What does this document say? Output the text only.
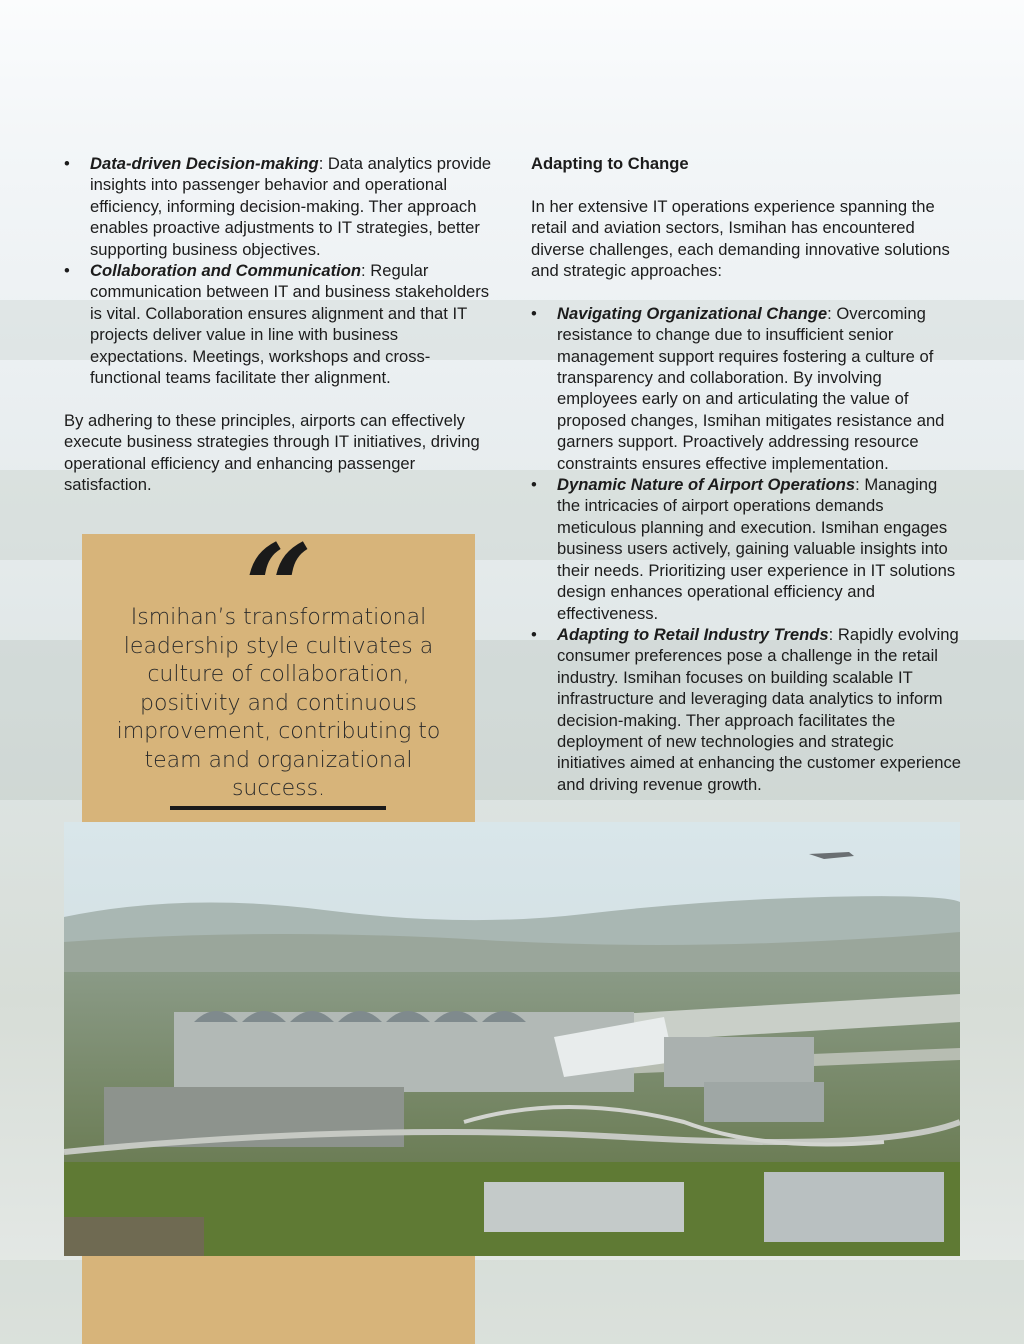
• Data-driven Decision-making: Data analytics provide insights into passenger behavior and operational efficiency, informing decision-making. Ther approach enables proactive adjustments to IT strategies, better supporting business objectives.
• Collaboration and Communication: Regular communication between IT and business stakeholders is vital. Collaboration ensures alignment and that IT projects deliver value in line with business expectations. Meetings, workshops and cross-functional teams facilitate ther alignment.

By adhering to these principles, airports can effectively execute business strategies through IT initiatives, driving operational efficiency and enhancing passenger satisfaction.

“
Ismihan’s transformational leadership style cultivates a culture of collaboration, positivity and continuous improvement, contributing to team and organizational success.

Adapting to Change

In her extensive IT operations experience spanning the retail and aviation sectors, Ismihan has encountered diverse challenges, each demanding innovative solutions and strategic approaches:

• Navigating Organizational Change: Overcoming resistance to change due to insufficient senior management support requires fostering a culture of transparency and collaboration. By involving employees early on and articulating the value of proposed changes, Ismihan mitigates resistance and garners support. Proactively addressing resource constraints ensures effective implementation.
• Dynamic Nature of Airport Operations: Managing the intricacies of airport operations demands meticulous planning and execution. Ismihan engages business users actively, gaining valuable insights into their needs. Prioritizing user experience in IT solutions design enhances operational efficiency and effectiveness.
• Adapting to Retail Industry Trends: Rapidly evolving consumer preferences pose a challenge in the retail industry. Ismihan focuses on building scalable IT infrastructure and leveraging data analytics to inform decision-making. Ther approach facilitates the deployment of new technologies and strategic initiatives aimed at enhancing the customer experience and driving revenue growth.
